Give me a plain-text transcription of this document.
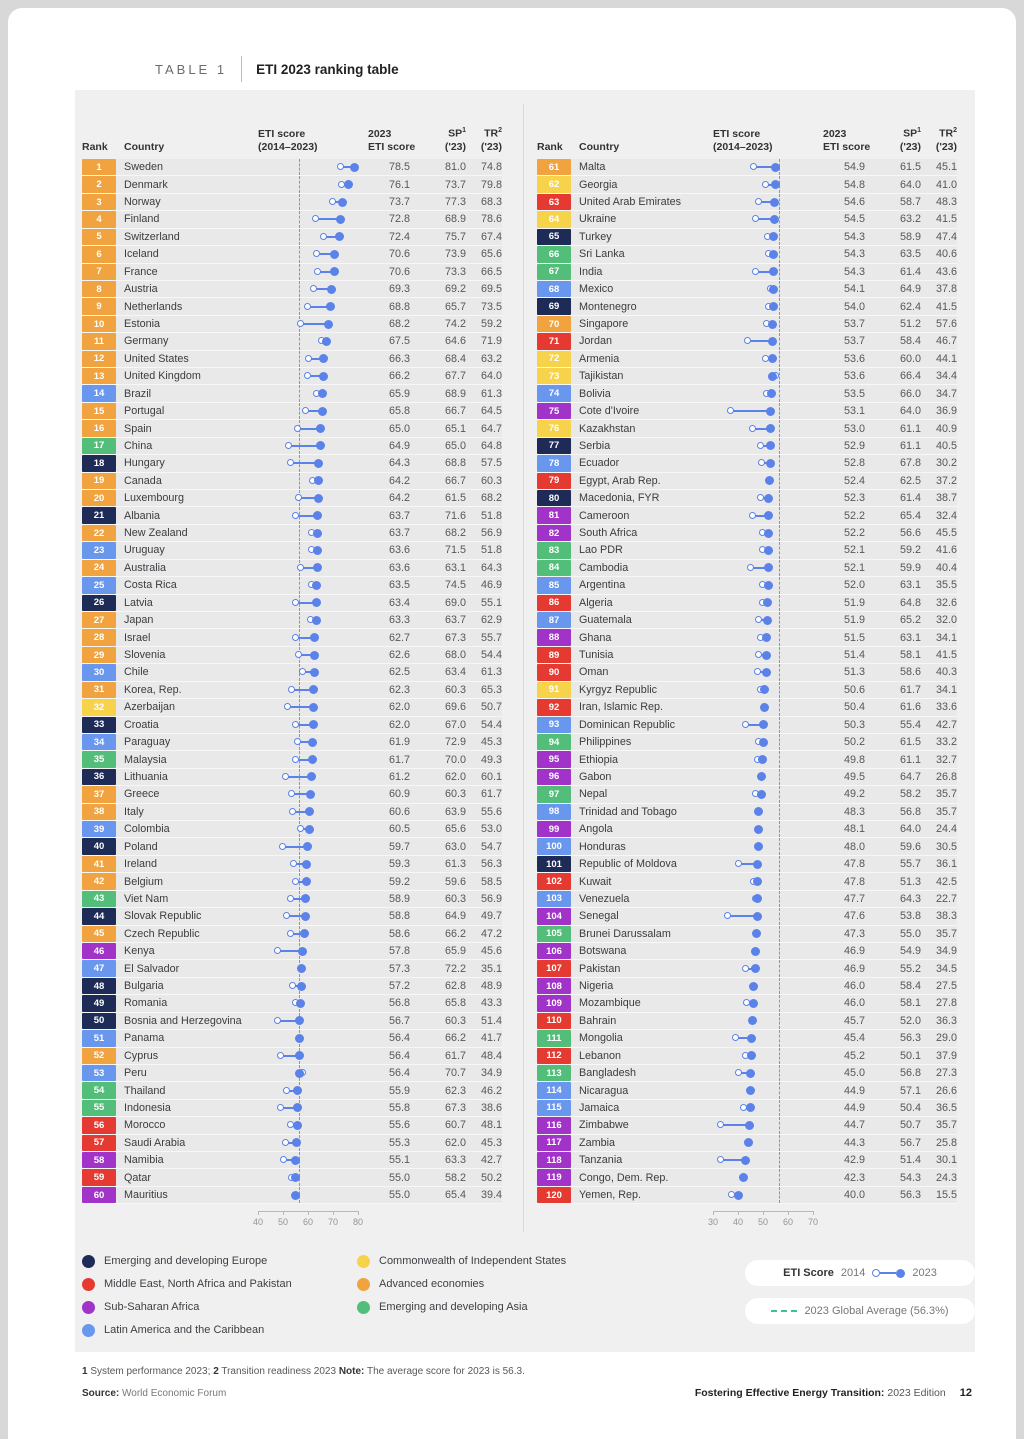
TABLE 1 ETI 2023 ranking table
Rank	Country
ETI score
(2014–2023)
2023
ETI score
$SP^1$
('23)
$TR^2$
('23)
1	Sweden	78.5	81.0	74.8
2	Denmark	76.1	73.7	79.8
3	Norway	73.7	77.3	68.3
4	Finland	72.8	68.9	78.6
5	Switzerland	72.4	75.7	67.4
6	Iceland	70.6	73.9	65.6
7	France	70.6	73.3	66.5
8	Austria	69.3	69.2	69.5
9	Netherlands	68.8	65.7	73.5
10	Estonia	68.2	74.2	59.2
11	Germany	67.5	64.6	71.9
12	United States	66.3	68.4	63.2
13	United Kingdom	66.2	67.7	64.0
14	Brazil	65.9	68.9	61.3
15	Portugal	65.8	66.7	64.5
16	Spain	65.0	65.1	64.7
17	China	64.9	65.0	64.8
18	Hungary	64.3	68.8	57.5
19	Canada	64.2	66.7	60.3
20	Luxembourg	64.2	61.5	68.2
21	Albania	63.7	71.6	51.8
22	New Zealand	63.7	68.2	56.9
23	Uruguay	63.6	71.5	51.8
24	Australia	63.6	63.1	64.3
25	Costa Rica	63.5	74.5	46.9
26	Latvia	63.4	69.0	55.1
27	Japan	63.3	63.7	62.9
28	Israel	62.7	67.3	55.7
29	Slovenia	62.6	68.0	54.4
30	Chile	62.5	63.4	61.3
31	Korea, Rep.	62.3	60.3	65.3
32	Azerbaijan	62.0	69.6	50.7
33	Croatia	62.0	67.0	54.4
34	Paraguay	61.9	72.9	45.3
35	Malaysia	61.7	70.0	49.3
36	Lithuania	61.2	62.0	60.1
37	Greece	60.9	60.3	61.7
38	Italy	60.6	63.9	55.6
39	Colombia	60.5	65.6	53.0
40	Poland	59.7	63.0	54.7
41	Ireland	59.3	61.3	56.3
42	Belgium	59.2	59.6	58.5
43	Viet Nam	58.9	60.3	56.9
44	Slovak Republic	58.8	64.9	49.7
45	Czech Republic	58.6	66.2	47.2
46	Kenya	57.8	65.9	45.6
47	El Salvador	57.3	72.2	35.1
48	Bulgaria	57.2	62.8	48.9
49	Romania	56.8	65.8	43.3
50	Bosnia and Herzegovina	56.7	60.3	51.4
51	Panama	56.4	66.2	41.7
52	Cyprus	56.4	61.7	48.4
53	Peru	56.4	70.7	34.9
54	Thailand	55.9	62.3	46.2
55	Indonesia	55.8	67.3	38.6
56	Morocco	55.6	60.7	48.1
57	Saudi Arabia	55.3	62.0	45.3
58	Namibia	55.1	63.3	42.7
59	Qatar	55.0	58.2	50.2
60	Mauritius	55.0	65.4	39.4
40 50 60 70 80
Rank	Country
ETI score
(2014–2023)
2023
ETI score
$SP^1$
('23)
$TR^2$
('23)
61	Malta	54.9	61.5	45.1
62	Georgia	54.8	64.0	41.0
63	United Arab Emirates	54.6	58.7	48.3
64	Ukraine	54.5	63.2	41.5
65	Turkey	54.3	58.9	47.4
66	Sri Lanka	54.3	63.5	40.6
67	India	54.3	61.4	43.6
68	Mexico	54.1	64.9	37.8
69	Montenegro	54.0	62.4	41.5
70	Singapore	53.7	51.2	57.6
71	Jordan	53.7	58.4	46.7
72	Armenia	53.6	60.0	44.1
73	Tajikistan	53.6	66.4	34.4
74	Bolivia	53.5	66.0	34.7
75	Cote d'Ivoire	53.1	64.0	36.9
76	Kazakhstan	53.0	61.1	40.9
77	Serbia	52.9	61.1	40.5
78	Ecuador	52.8	67.8	30.2
79	Egypt, Arab Rep.	52.4	62.5	37.2
80	Macedonia, FYR	52.3	61.4	38.7
81	Cameroon	52.2	65.4	32.4
82	South Africa	52.2	56.6	45.5
83	Lao PDR	52.1	59.2	41.6
84	Cambodia	52.1	59.9	40.4
85	Argentina	52.0	63.1	35.5
86	Algeria	51.9	64.8	32.6
87	Guatemala	51.9	65.2	32.0
88	Ghana	51.5	63.1	34.1
89	Tunisia	51.4	58.1	41.5
90	Oman	51.3	58.6	40.3
91	Kyrgyz Republic	50.6	61.7	34.1
92	Iran, Islamic Rep.	50.4	61.6	33.6
93	Dominican Republic	50.3	55.4	42.7
94	Philippines	50.2	61.5	33.2
95	Ethiopia	49.8	61.1	32.7
96	Gabon	49.5	64.7	26.8
97	Nepal	49.2	58.2	35.7
98	Trinidad and Tobago	48.3	56.8	35.7
99	Angola	48.1	64.0	24.4
100	Honduras	48.0	59.6	30.5
101	Republic of Moldova	47.8	55.7	36.1
102	Kuwait	47.8	51.3	42.5
103	Venezuela	47.7	64.3	22.7
104	Senegal	47.6	53.8	38.3
105	Brunei Darussalam	47.3	55.0	35.7
106	Botswana	46.9	54.9	34.9
107	Pakistan	46.9	55.2	34.5
108	Nigeria	46.0	58.4	27.5
109	Mozambique	46.0	58.1	27.8
110	Bahrain	45.7	52.0	36.3
111	Mongolia	45.4	56.3	29.0
112	Lebanon	45.2	50.1	37.9
113	Bangladesh	45.0	56.8	27.3
114	Nicaragua	44.9	57.1	26.6
115	Jamaica	44.9	50.4	36.5
116	Zimbabwe	44.7	50.7	35.7
117	Zambia	44.3	56.7	25.8
118	Tanzania	42.9	51.4	30.1
119	Congo, Dem. Rep.	42.3	54.3	24.3
120	Yemen, Rep.	40.0	56.3	15.5
30 40 50 60 70
ETI Score 2014	2023
2023 Global Average (56.3%)
1 System performance 2023; 2 Transition readiness 2023 Note: The average score for 2023 is 56.3.
Source: World Economic Forum	Fostering Effective Energy Transition: 2023 Edition 12
Emerging and developing Europe
Middle East, North Africa and Pakistan
Sub-Saharan Africa
Latin America and the Caribbean
Commonwealth of Independent States
Advanced economies
Emerging and developing Asia
